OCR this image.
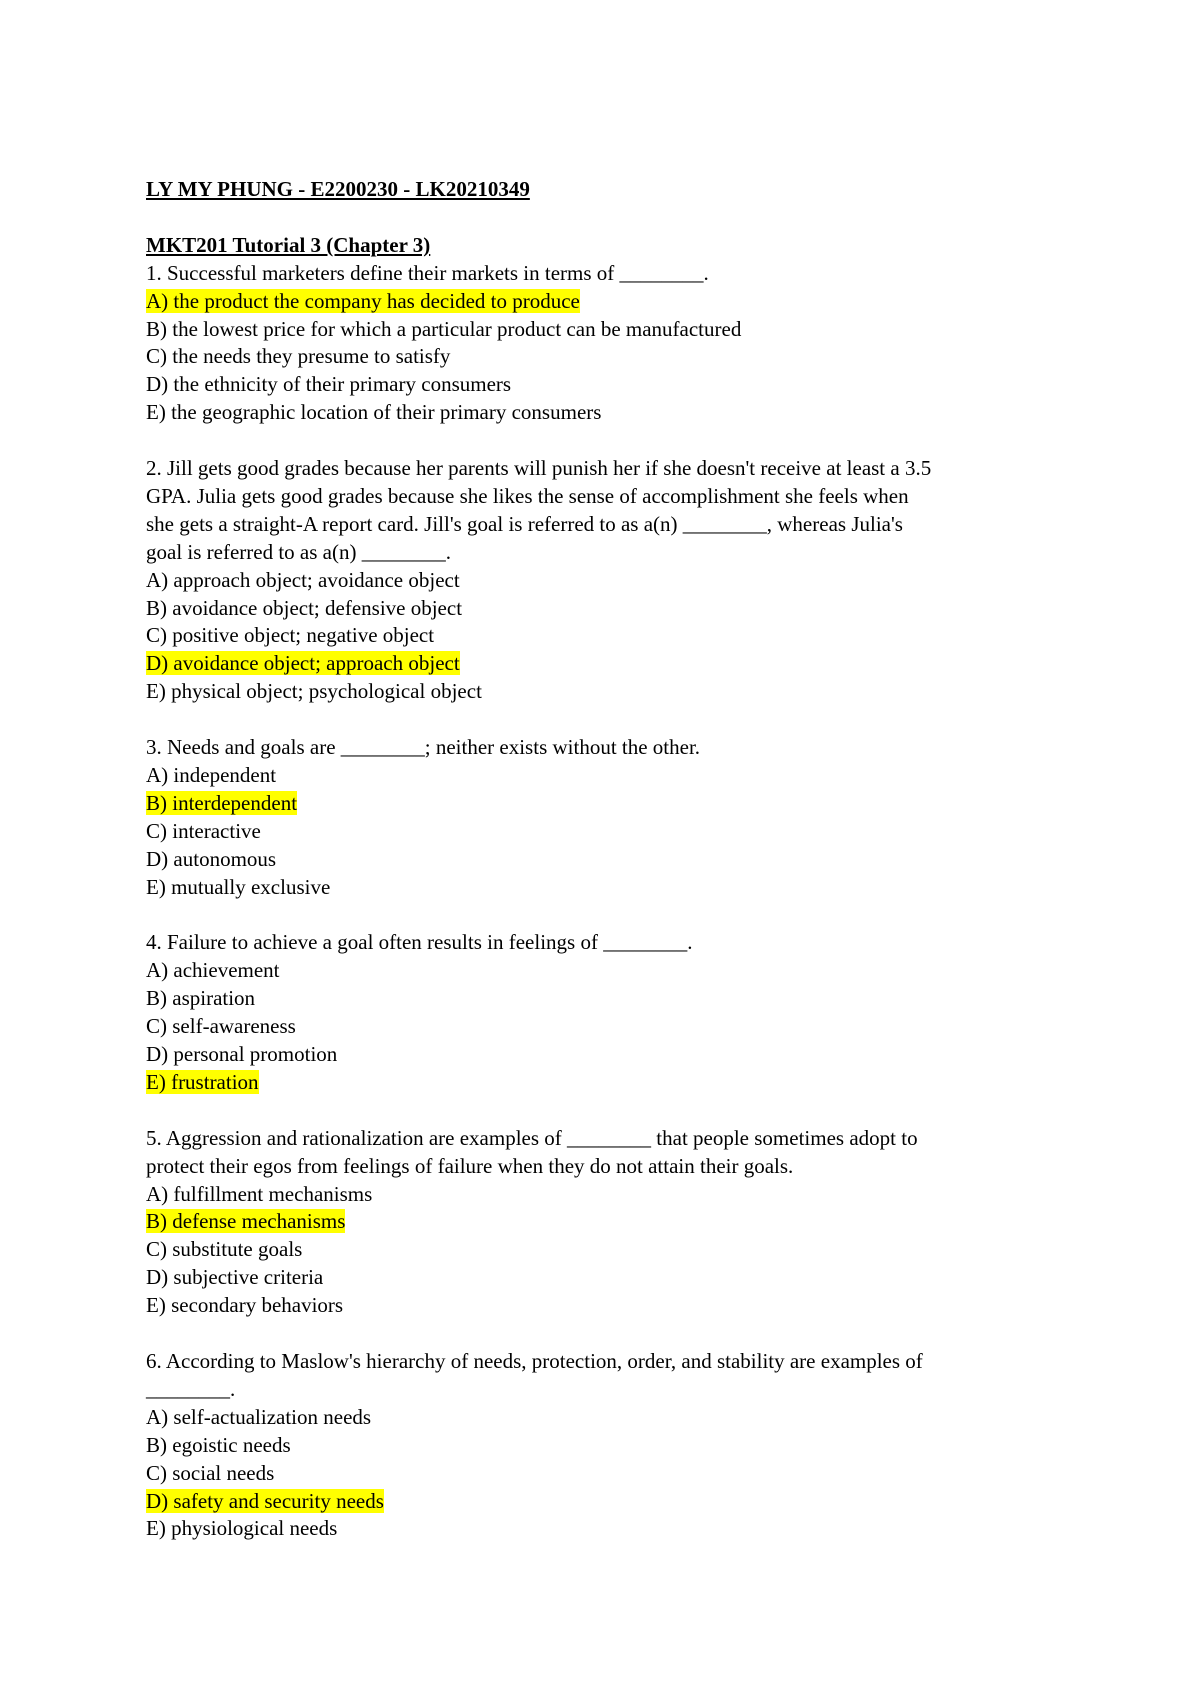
LY MY PHUNG - E2200230 - LK20210349
MKT201 Tutorial 3 (Chapter 3)
1. Successful marketers define their markets in terms of ________.
A) the product the company has decided to produce
B) the lowest price for which a particular product can be manufactured
C) the needs they presume to satisfy
D) the ethnicity of their primary consumers
E) the geographic location of their primary consumers
2. Jill gets good grades because her parents will punish her if she doesn't receive at least a 3.5
GPA. Julia gets good grades because she likes the sense of accomplishment she feels when
she gets a straight-A report card. Jill's goal is referred to as a(n) ________, whereas Julia's
goal is referred to as a(n) ________.
A) approach object; avoidance object
B) avoidance object; defensive object
C) positive object; negative object
D) avoidance object; approach object
E) physical object; psychological object
3. Needs and goals are ________; neither exists without the other.
A) independent
B) interdependent
C) interactive
D) autonomous
E) mutually exclusive
4. Failure to achieve a goal often results in feelings of ________.
A) achievement
B) aspiration
C) self-awareness
D) personal promotion
E) frustration
5. Aggression and rationalization are examples of ________ that people sometimes adopt to
protect their egos from feelings of failure when they do not attain their goals.
A) fulfillment mechanisms
B) defense mechanisms
C) substitute goals
D) subjective criteria
E) secondary behaviors
6. According to Maslow's hierarchy of needs, protection, order, and stability are examples of
________.
A) self-actualization needs
B) egoistic needs
C) social needs
D) safety and security needs
E) physiological needs
